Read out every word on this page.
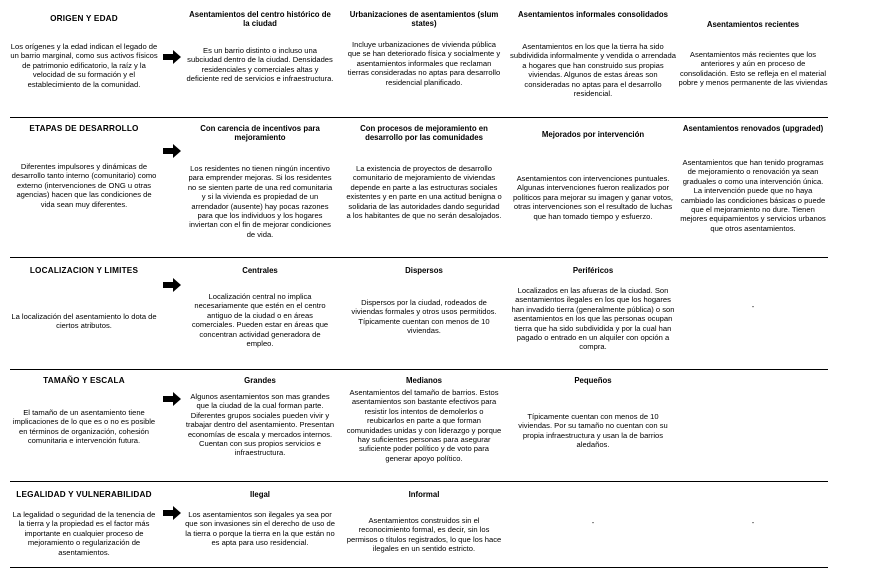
ORIGEN Y EDAD
Los orígenes y la edad indican el legado de un barrio marginal, como sus activos físicos de patrimonio edificatorio, la raíz y la velocidad de su formación y el establecimiento de la comunidad.
Asentamientos del centro histórico de la ciudad
Es un barrio distinto o incluso una subciudad dentro de la ciudad. Densidades residenciales y comerciales altas y deficiente red de servicios e infraestructura.
Urbanizaciones de asentamientos (slum states)
Incluye urbanizaciones de vivienda pública que se han deteriorado física y socialmente y asentamientos informales que reclaman tierras consideradas no aptas para desarrollo residencial planificado.
Asentamientos informales consolidados
Asentamientos en los que la tierra ha sido subdividida informalmente y vendida o arrendada a hogares que han construido sus propias viviendas. Algunos de estas áreas son consideradas no aptas para el desarrollo residencial.
Asentamientos recientes
Asentamientos más recientes que los anteriores y aún en proceso de consolidación. Esto se refleja en el material pobre y menos permanente de las viviendas
ETAPAS DE DESARROLLO
Diferentes impulsores y dinámicas de desarrollo tanto interno (comunitario) como externo (intervenciones de ONG u otras agencias) hacen que las condiciones de vida sean muy diferentes.
Con carencia de incentivos para mejoramiento
Los residentes no tienen ningún incentivo para emprender mejoras. Si los residentes no se sienten parte de una red comunitaria y si la vivienda es propiedad de un arrendador (ausente) hay pocas razones para que los individuos y los hogares inviertan con el fin de mejorar condiciones de vida.
Con procesos de mejoramiento en desarrollo por las comunidades
La existencia de proyectos de desarrollo comunitario de mejoramiento de viviendas depende en parte a las estructuras sociales existentes y en parte en una actitud benigna o solidaria de las autoridades dando seguridad a los habitantes de que no serán desalojados.
Mejorados por intervención
Asentamientos con intervenciones puntuales. Algunas intervenciones fueron realizados por políticos para mejorar su imagen y ganar votos, otras intervenciones son el resultado de luchas que han tomado tiempo y esfuerzo.
Asentamientos renovados (upgraded)
Asentamientos que han tenido programas de mejoramiento o renovación ya sean graduales o como una intervención única. La intervención puede que no haya cambiado las condiciones básicas o puede que el mejoramiento no dure. Tienen mejores equipamientos y servicios urbanos que otros asentamientos.
LOCALIZACION Y LIMITES
La localización del asentamiento lo dota de ciertos atributos.
Centrales
Localización central no implica necesariamente que estén en el centro antiguo de la ciudad o en áreas comerciales. Pueden estar en áreas que concentran actividad generadora de empleo.
Dispersos
Dispersos por la ciudad, rodeados de viviendas formales y otros usos permitidos. Típicamente cuentan con menos de 10 viviendas.
Periféricos
Localizados en las afueras de la ciudad. Son asentamientos ilegales en los que los hogares han invadido tierra (generalmente pública) o son asentamientos en los que las personas ocupan tierra que ha sido subdividida y por la cual han pagado o entrado en un alquiler con opción a compra.
-
TAMAÑO Y ESCALA
El tamaño de un asentamiento tiene implicaciones de lo que es o no es posible en términos de organización, cohesión comunitaria e intervención futura.
Grandes
Algunos asentamientos son mas grandes que la ciudad de la cual forman parte. Diferentes grupos sociales pueden vivir y trabajar dentro del asentamiento. Presentan economías de escala y mercados internos. Cuentan con sus propios servicios e infraestructura.
Medianos
Asentamientos del tamaño de barrios. Estos asentamientos son bastante efectivos para resistir los intentos de demolerlos o reubicarlos en parte a que forman comunidades unidas y con liderazgo y porque hay suficientes personas para asegurar suficiente poder político y de voto para generar apoyo político.
Pequeños
Típicamente cuentan con menos de 10 viviendas. Por su tamaño no cuentan con su propia infraestructura y usan la de barrios aledaños.
LEGALIDAD Y VULNERABILIDAD
La legalidad o seguridad de la tenencia de la tierra y la propiedad es el factor más importante en cualquier proceso de mejoramiento o regularización de asentamientos.
Ilegal
Los asentamientos son ilegales ya sea por que son invasiones sin el derecho de uso de la tierra o porque la tierra en la que están no es apta para uso residencial.
Informal
Asentamientos construidos sin el reconocimiento formal, es decir, sin los permisos o títulos registrados, lo que los hace ilegales en un sentido estricto.
-	-
